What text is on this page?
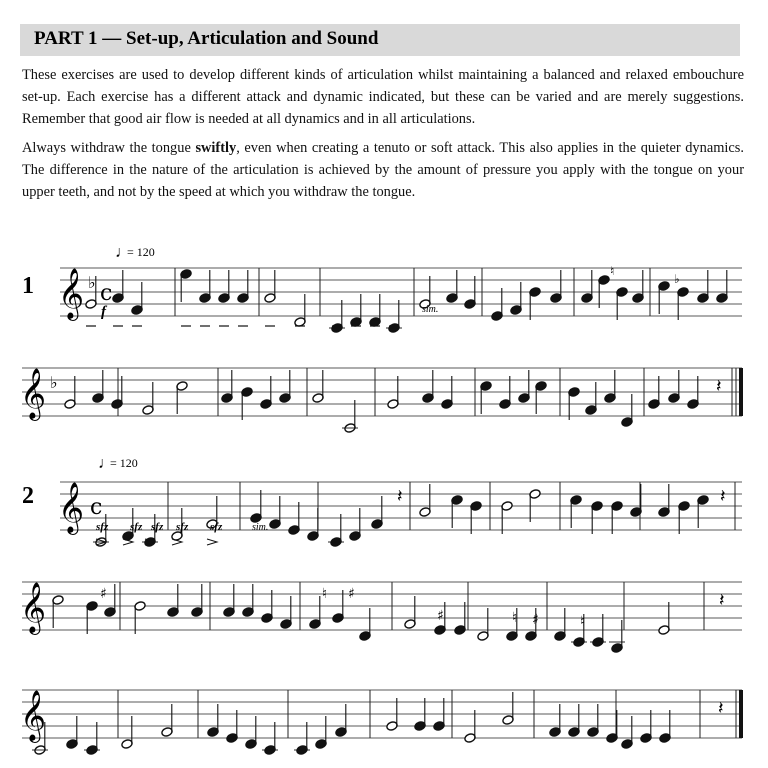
PART 1 — Set-up, Articulation and Sound

These exercises are used to develop different kinds of articulation whilst maintaining a balanced and relaxed embouchure set-up. Each exercise has a different attack and dynamic indicated, but these can be varied and are merely suggestions. Remember that good air flow is needed at all dynamics and in all articulations.

Always withdraw the tongue swiftly, even when creating a tenuto or soft attack. This also applies in the quieter dynamics. The difference in the nature of the articulation is achieved by the amount of pressure you apply with the tongue on your upper teeth, and not by the speed at which you withdraw the tongue.

𝄞 ♭ c
𝄞 ♭
𝄞 c
𝄞
𝄞
𝄽
𝄽	𝄽
𝄽
𝄽
♯	♮ ♯
♯	♮ ♯	♮
♮
♭
1
2
♩
= 120
♩
= 120
f	sim.
sfz sfz sfz sfz sfz	sim.
